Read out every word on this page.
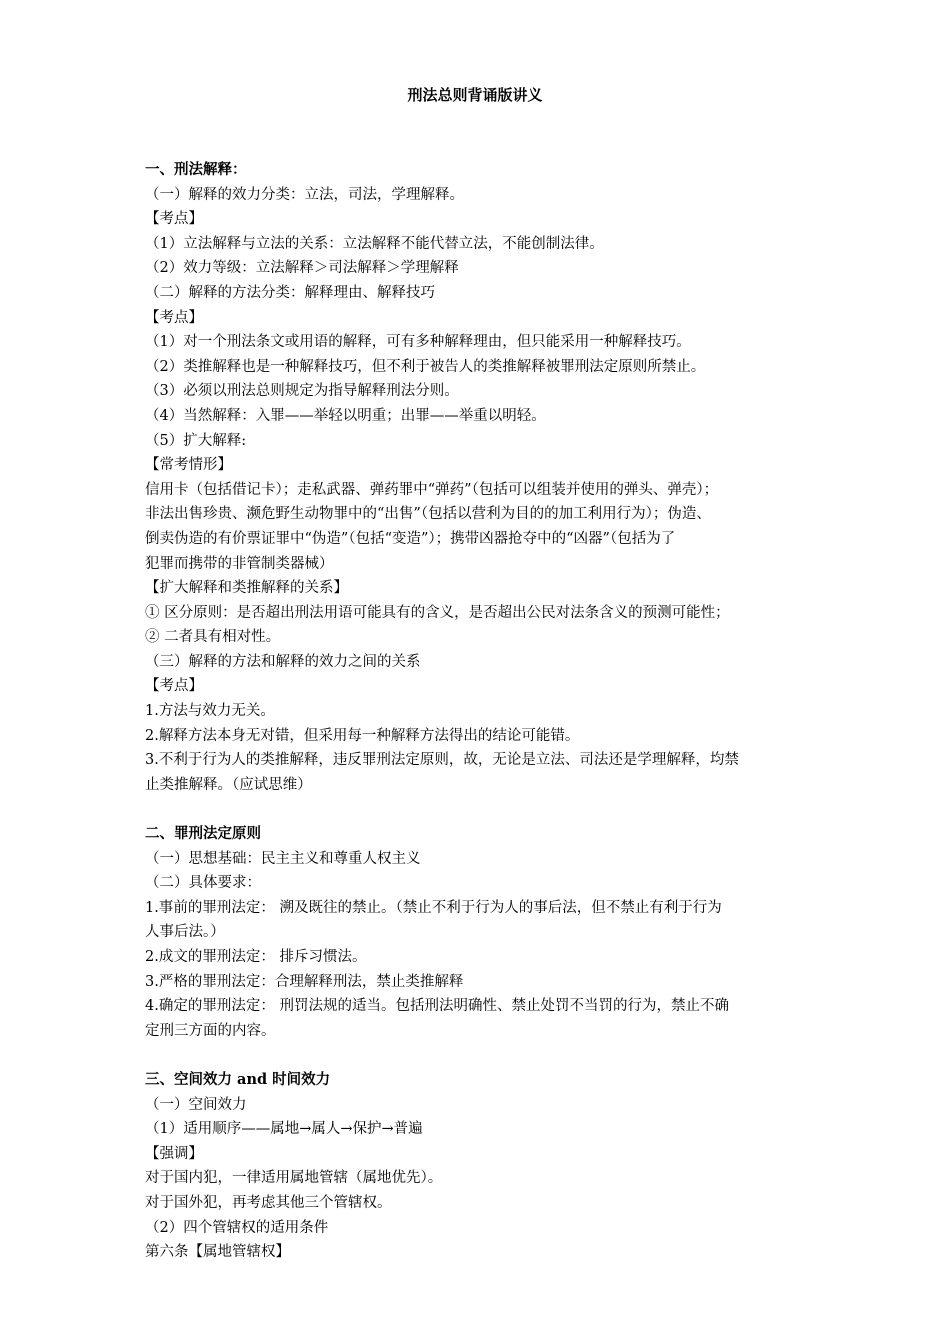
刑法总则背诵版讲义

一、刑法解释：

（一）解释的效力分类：立法，司法，学理解释。

【考点】

（1）立法解释与立法的关系：立法解释不能代替立法，不能创制法律。

（2）效力等级：立法解释＞司法解释＞学理解释

（二）解释的方法分类：解释理由、解释技巧

【考点】

（1）对一个刑法条文或用语的解释，可有多种解释理由，但只能采用一种解释技巧。

（2）类推解释也是一种解释技巧，但不利于被告人的类推解释被罪刑法定原则所禁止。

（3）必须以刑法总则规定为指导解释刑法分则。

（4）当然解释：入罪——举轻以明重；出罪——举重以明轻。

（5）扩大解释:

【常考情形】

信用卡（包括借记卡）；走私武器、弹药罪中“弹药”（包括可以组装并使用的弹头、弹壳）；

非法出售珍贵、濒危野生动物罪中的“出售”（包括以营利为目的的加工利用行为）；伪造、

倒卖伪造的有价票证罪中“伪造”（包括“变造”）；携带凶器抢夺中的“凶器”（包括为了

犯罪而携带的非管制类器械）

【扩大解释和类推解释的关系】

① 区分原则：是否超出刑法用语可能具有的含义，是否超出公民对法条含义的预测可能性；

② 二者具有相对性。

（三）解释的方法和解释的效力之间的关系

【考点】

1.方法与效力无关。

2.解释方法本身无对错，但采用每一种解释方法得出的结论可能错。

3.不利于行为人的类推解释，违反罪刑法定原则，故，无论是立法、司法还是学理解释，均禁

止类推解释。（应试思维）

二、罪刑法定原则

（一）思想基础：民主主义和尊重人权主义

（二）具体要求：

1.事前的罪刑法定： 溯及既往的禁止。（禁止不利于行为人的事后法，但不禁止有利于行为

人事后法。）

2.成文的罪刑法定： 排斥习惯法。

3.严格的罪刑法定：合理解释刑法，禁止类推解释

4.确定的罪刑法定： 刑罚法规的适当。包括刑法明确性、禁止处罚不当罚的行为，禁止不确

定刑三方面的内容。

三、空间效力 and 时间效力

（一）空间效力

（1）适用顺序——属地→属人→保护→普遍

【强调】

对于国内犯，一律适用属地管辖（属地优先）。

对于国外犯，再考虑其他三个管辖权。

（2）四个管辖权的适用条件

第六条【属地管辖权】
